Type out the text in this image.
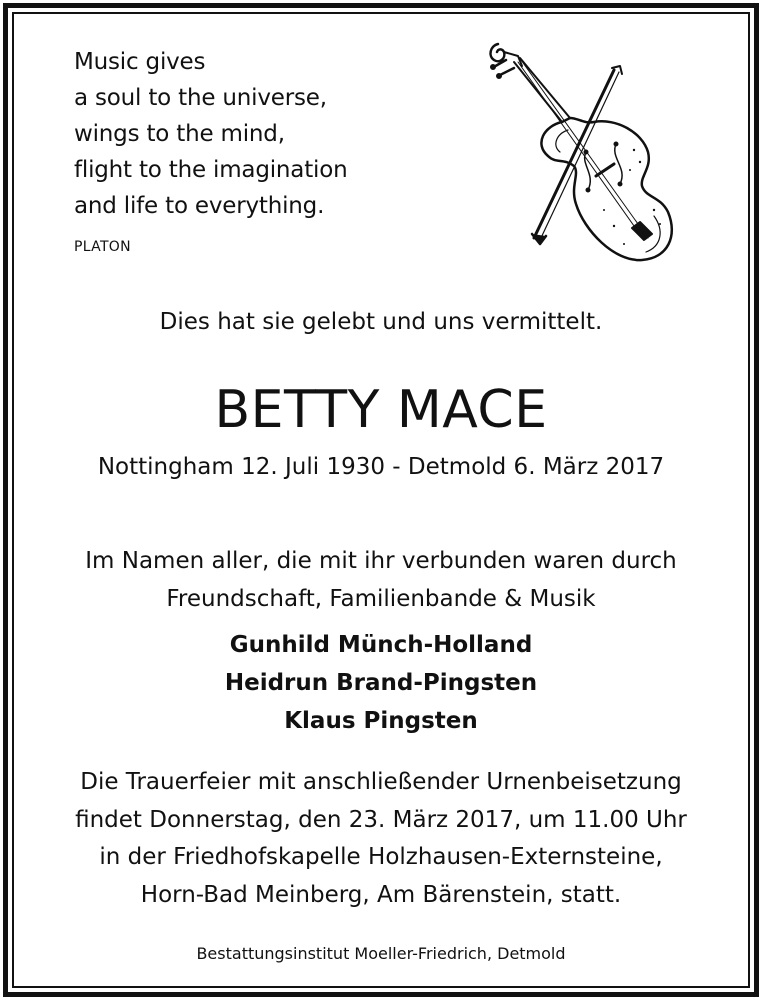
Music gives
a soul to the universe,
wings to the mind,
flight to the imagination
and life to everything.
PLATON
Dies hat sie gelebt und uns vermittelt.
BETTY MACE
Nottingham 12. Juli 1930 - Detmold 6. März 2017
Im Namen aller, die mit ihr verbunden waren durch
Freundschaft, Familienbande & Musik
Gunhild Münch-Holland
Heidrun Brand-Pingsten
Klaus Pingsten
Die Trauerfeier mit anschließender Urnenbeisetzung
findet Donnerstag, den 23. März 2017, um 11.00 Uhr
in der Friedhofskapelle Holzhausen-Externsteine,
Horn-Bad Meinberg, Am Bärenstein, statt.
Bestattungsinstitut Moeller-Friedrich, Detmold
